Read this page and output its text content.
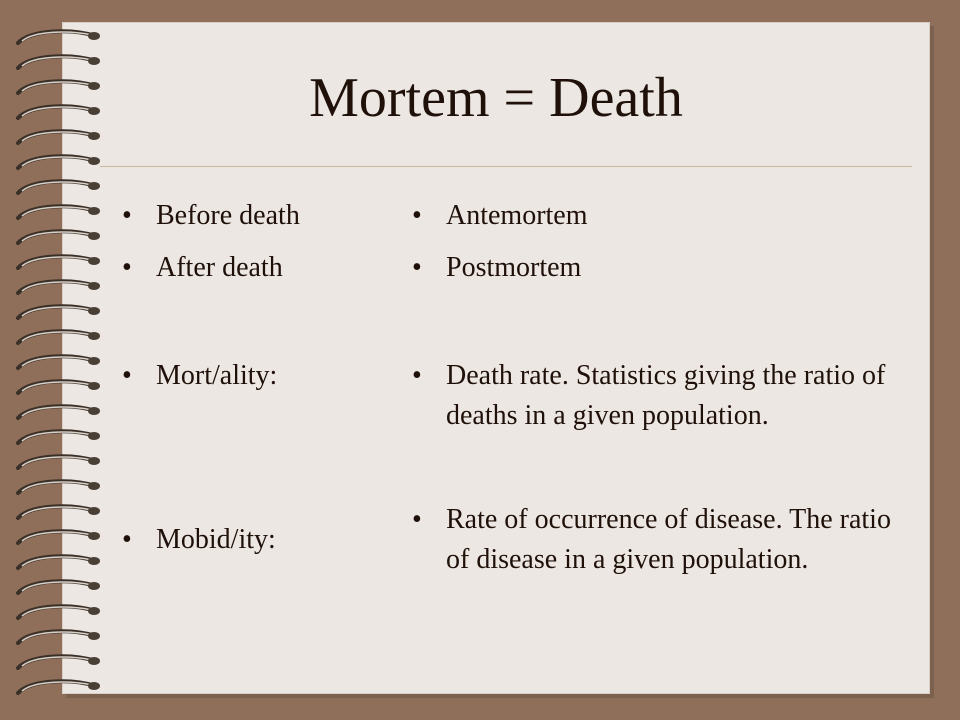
Mortem = Death
• Before death
• After death
• Mort/ality:
• Mobid/ity:
• Antemortem
• Postmortem
• Death rate. Statistics giving the ratio of deaths in a given population.
• Rate of occurrence of disease. The ratio of disease in a given population.
